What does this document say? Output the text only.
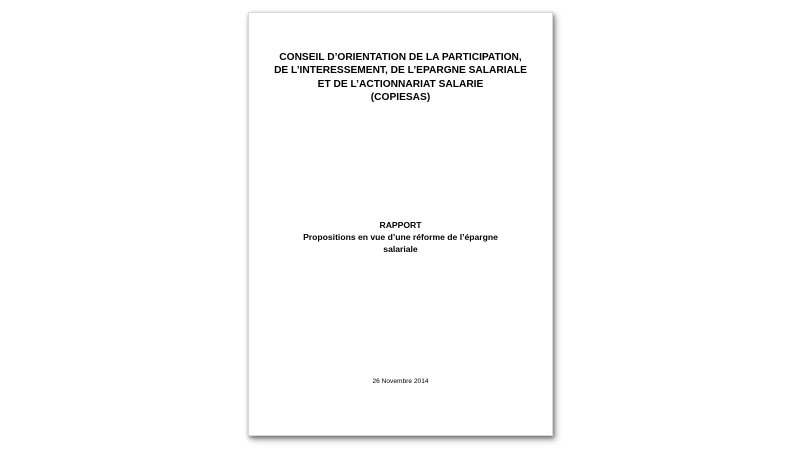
CONSEIL D’ORIENTATION DE LA PARTICIPATION,
DE L’INTERESSEMENT, DE L’EPARGNE SALARIALE
ET DE L’ACTIONNARIAT SALARIE
(COPIESAS)
RAPPORT
Propositions en vue d’une réforme de l’épargne
salariale
26 Novembre 2014
